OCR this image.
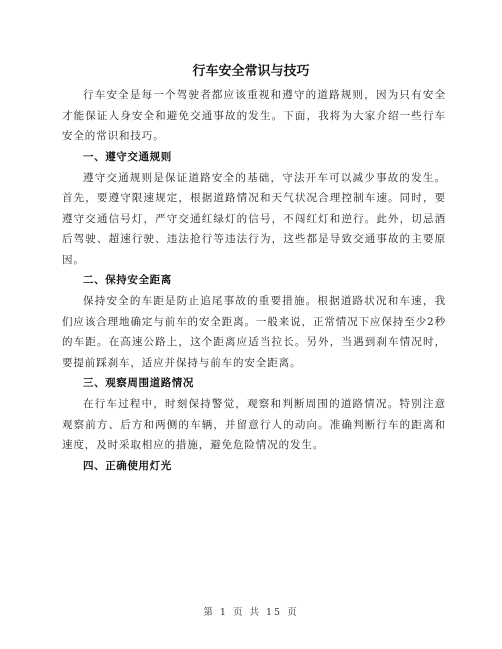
行车安全常识与技巧

行车安全是每一个驾驶者都应该重视和遵守的道路规则，因为只有安全才能保证人身安全和避免交通事故的发生。下面，我将为大家介绍一些行车安全的常识和技巧。

一、遵守交通规则

遵守交通规则是保证道路安全的基础，守法开车可以减少事故的发生。首先，要遵守限速规定，根据道路情况和天气状况合理控制车速。同时，要遵守交通信号灯，严守交通红绿灯的信号，不闯红灯和逆行。此外，切忌酒后驾驶、超速行驶、违法抢行等违法行为，这些都是导致交通事故的主要原因。

二、保持安全距离

保持安全的车距是防止追尾事故的重要措施。根据道路状况和车速，我们应该合理地确定与前车的安全距离。一般来说，正常情况下应保持至少2秒的车距。在高速公路上，这个距离应适当拉长。另外，当遇到刹车情况时，要提前踩刹车，适应并保持与前车的安全距离。

三、观察周围道路情况

在行车过程中，时刻保持警觉，观察和判断周围的道路情况。特别注意观察前方、后方和两侧的车辆，并留意行人的动向。准确判断行车的距离和速度，及时采取相应的措施，避免危险情况的发生。

四、正确使用灯光

第 1 页 共 15 页
